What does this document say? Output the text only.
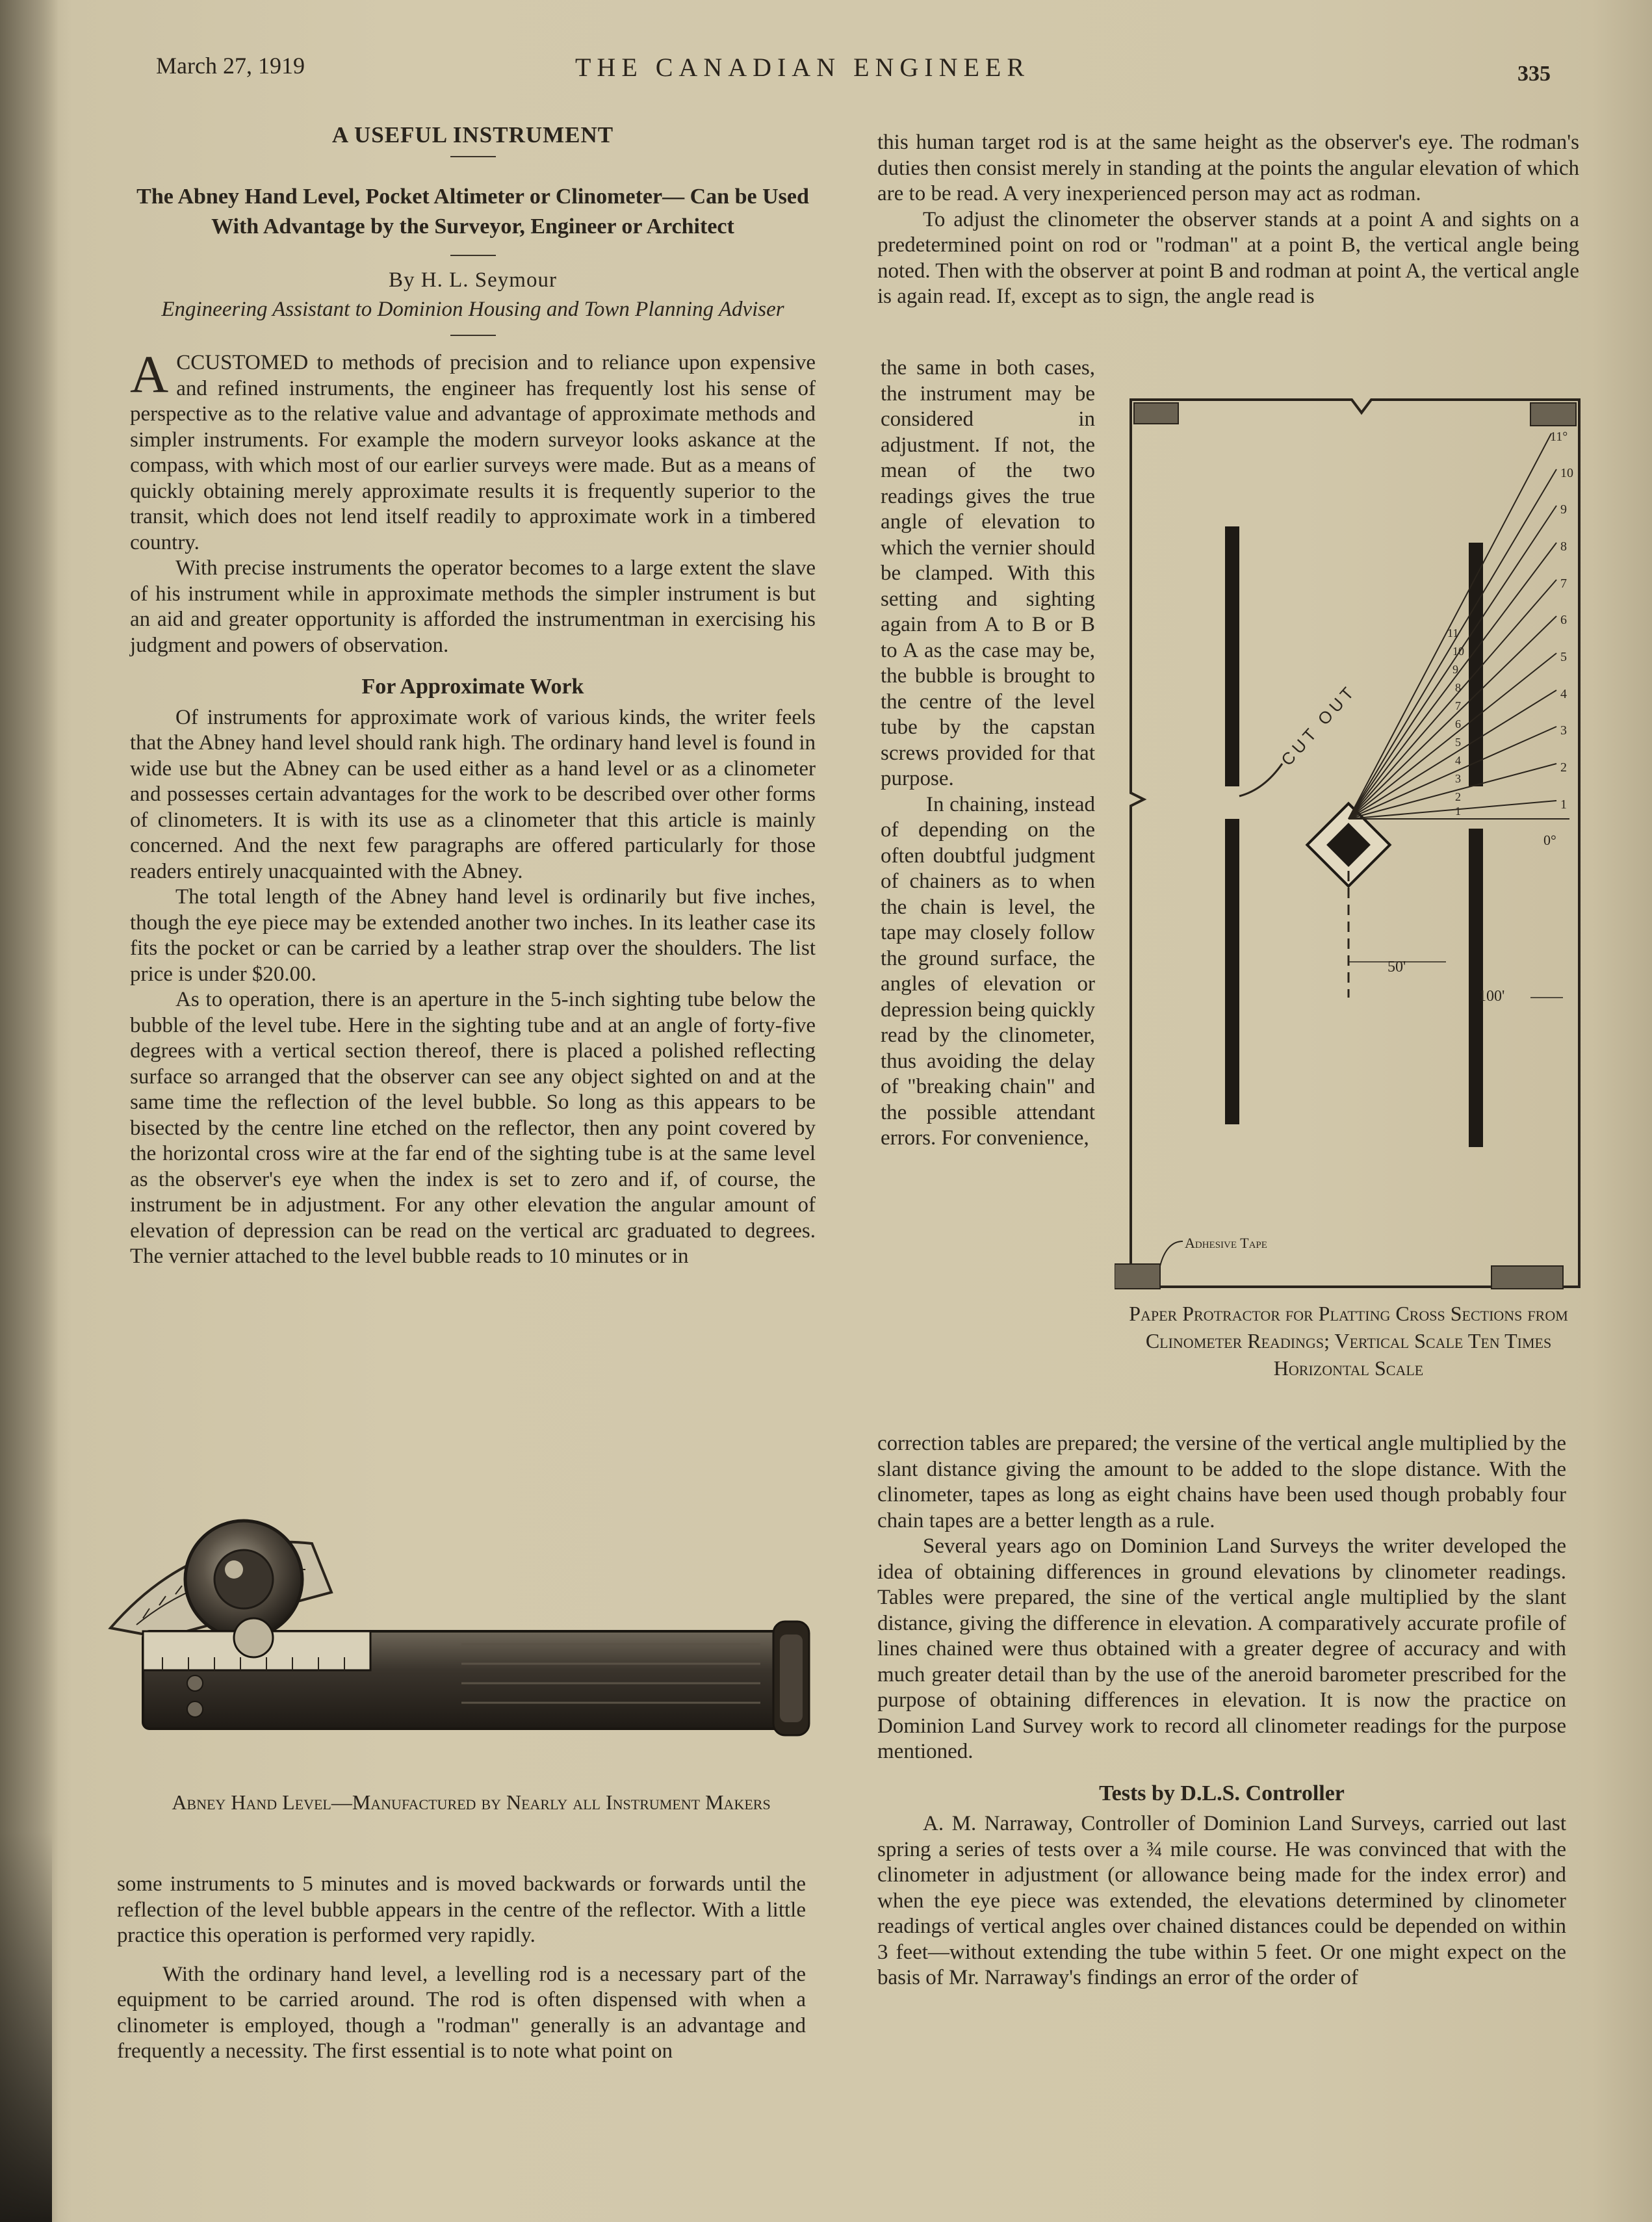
March 27, 1919	THE CANADIAN ENGINEER	335
A USEFUL INSTRUMENT
The Abney Hand Level, Pocket Altimeter or Clinometer— Can be Used With Advantage by the Surveyor, Engineer or Architect
By H. L. Seymour
Engineering Assistant to Dominion Housing and Town Planning Adviser

ACCUSTOMED to methods of precision and to reliance upon expensive and refined instruments, the engineer has frequently lost his sense of perspective as to the relative value and advantage of approximate methods and simpler instruments. For example the modern surveyor looks askance at the compass, with which most of our earlier surveys were made. But as a means of quickly obtaining merely approximate results it is frequently superior to the transit, which does not lend itself readily to approximate work in a timbered country.

With precise instruments the operator becomes to a large extent the slave of his instrument while in approximate methods the simpler instrument is but an aid and greater opportunity is afforded the instrumentman in exercising his judgment and powers of observation.

For Approximate Work

Of instruments for approximate work of various kinds, the writer feels that the Abney hand level should rank high. The ordinary hand level is found in wide use but the Abney can be used either as a hand level or as a clinometer and possesses certain advantages for the work to be described over other forms of clinometers. It is with its use as a clinometer that this article is mainly concerned. And the next few paragraphs are offered particularly for those readers entirely unacquainted with the Abney.

The total length of the Abney hand level is ordinarily but five inches, though the eye piece may be extended another two inches. In its leather case its fits the pocket or can be carried by a leather strap over the shoulders. The list price is under $20.00.

As to operation, there is an aperture in the 5-inch sighting tube below the bubble of the level tube. Here in the sighting tube and at an angle of forty-five degrees with a vertical section thereof, there is placed a polished reflecting surface so arranged that the observer can see any object sighted on and at the same time the reflection of the level bubble. So long as this appears to be bisected by the centre line etched on the reflector, then any point covered by the horizontal cross wire at the far end of the sighting tube is at the same level as the observer's eye when the index is set to zero and if, of course, the instrument be in adjustment. For any other elevation the angular amount of elevation of depression can be read on the vertical arc graduated to degrees. The vernier attached to the level bubble reads to 10 minutes or in

Abney Hand Level—Manufactured by Nearly all Instrument Makers

some instruments to 5 minutes and is moved backwards or forwards until the reflection of the level bubble appears in the centre of the reflector. With a little practice this operation is performed very rapidly.

With the ordinary hand level, a levelling rod is a necessary part of the equipment to be carried around. The rod is often dispensed with when a clinometer is employed, though a "rodman" generally is an advantage and frequently a necessity. The first essential is to note what point on

this human target rod is at the same height as the observer's eye. The rodman's duties then consist merely in standing at the points the angular elevation of which are to be read. A very inexperienced person may act as rodman.

To adjust the clinometer the observer stands at a point A and sights on a predetermined point on rod or "rodman" at a point B, the vertical angle being noted. Then with the observer at point B and rodman at point A, the vertical angle is again read. If, except as to sign, the angle read is

the same in both cases, the instrument may be considered in adjustment. If not, the mean of the two readings gives the true angle of elevation to which the vernier should be clamped. With this setting and sighting again from A to B or B to A as the case may be, the bubble is brought to the centre of the level tube by the capstan screws provided for that purpose.

In chaining, instead of depending on the often doubtful judgment of chainers as to when the chain is level, the tape may closely follow the ground surface, the angles of elevation or depression being quickly read by the clinometer, thus avoiding the delay of "breaking chain" and the possible attendant errors. For convenience,

11°
10
9
8
7
6
5
4
3
2
1
0°
11
10
9
8
7
6
5
4
3
2
1
CUT OUT
50'
100'
Adhesive Tape
Paper Protractor for Platting Cross Sections from Clinometer Readings; Vertical Scale Ten Times Horizontal Scale

correction tables are prepared; the versine of the vertical angle multiplied by the slant distance giving the amount to be added to the slope distance. With the clinometer, tapes as long as eight chains have been used though probably four chain tapes are a better length as a rule.

Several years ago on Dominion Land Surveys the writer developed the idea of obtaining differences in ground elevations by clinometer readings. Tables were prepared, the sine of the vertical angle multiplied by the slant distance, giving the difference in elevation. A comparatively accurate profile of lines chained were thus obtained with a greater degree of accuracy and with much greater detail than by the use of the aneroid barometer prescribed for the purpose of obtaining differences in elevation. It is now the practice on Dominion Land Survey work to record all clinometer readings for the purpose mentioned.

Tests by D.L.S. Controller

A. M. Narraway, Controller of Dominion Land Surveys, carried out last spring a series of tests over a ¾ mile course. He was convinced that with the clinometer in adjustment (or allowance being made for the index error) and when the eye piece was extended, the elevations determined by clinometer readings of vertical angles over chained distances could be depended on within 3 feet—without extending the tube within 5 feet. Or one might expect on the basis of Mr. Narraway's findings an error of the order of
